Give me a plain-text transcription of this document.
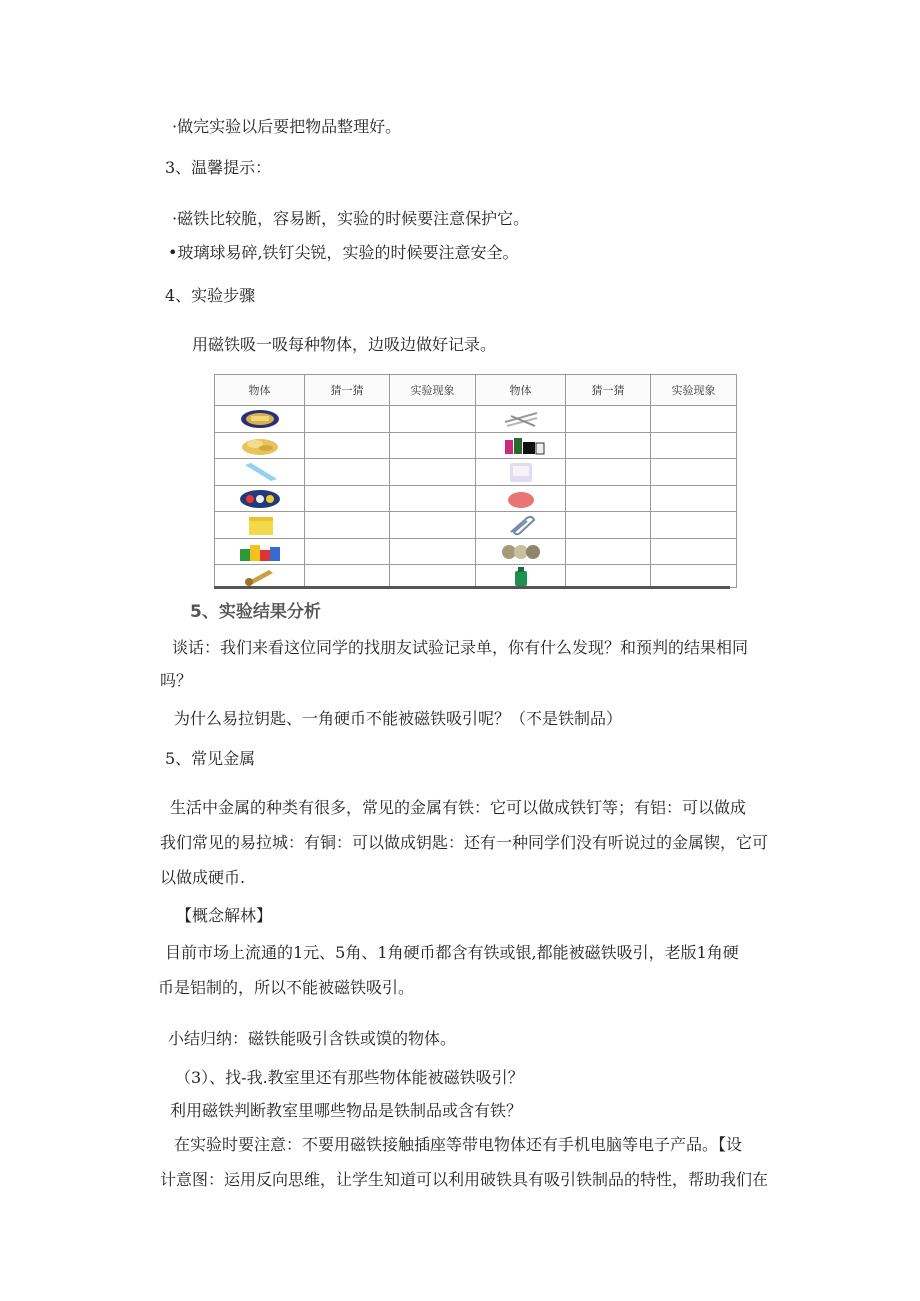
·做完实验以后要把物品整理好。
3、温馨提示：
·磁铁比较脆，容易断，实验的时候要注意保护它。
•玻璃球易碎,铁钉尖锐，实验的时候要注意安全。
4、实验步骤
用磁铁吸一吸每种物体，边吸边做好记录。
物体	猜一猜	实验现象	物体	猜一猜	实验现象

5、实验结果分析
谈话：我们来看这位同学的找朋友试验记录单，你有什么发现？和预判的结果相同
吗？
为什么易拉钥匙、一角硬币不能被磁铁吸引呢？（不是铁制品）
5、常见金属
生活中金属的种类有很多，常见的金属有铁：它可以做成铁钉等；有铝：可以做成
我们常见的易拉城：有铜：可以做成钥匙：还有一种同学们没有听说过的金属锲，它可
以做成硬币.
【概念解林】
目前市场上流通的1元、5角、1角硬币都含有铁或银,都能被磁铁吸引，老版1角硬
币是铝制的，所以不能被磁铁吸引。
小结归纳：磁铁能吸引含铁或馍的物体。
（3）、找-我.教室里还有那些物体能被磁铁吸引？
利用磁铁判断教室里哪些物品是铁制品或含有铁？
在实验时要注意：不要用磁铁接触插座等带电物体还有手机电脑等电子产品。【设
计意图：运用反向思维，让学生知道可以利用破铁具有吸引铁制品的特性，帮助我们在
